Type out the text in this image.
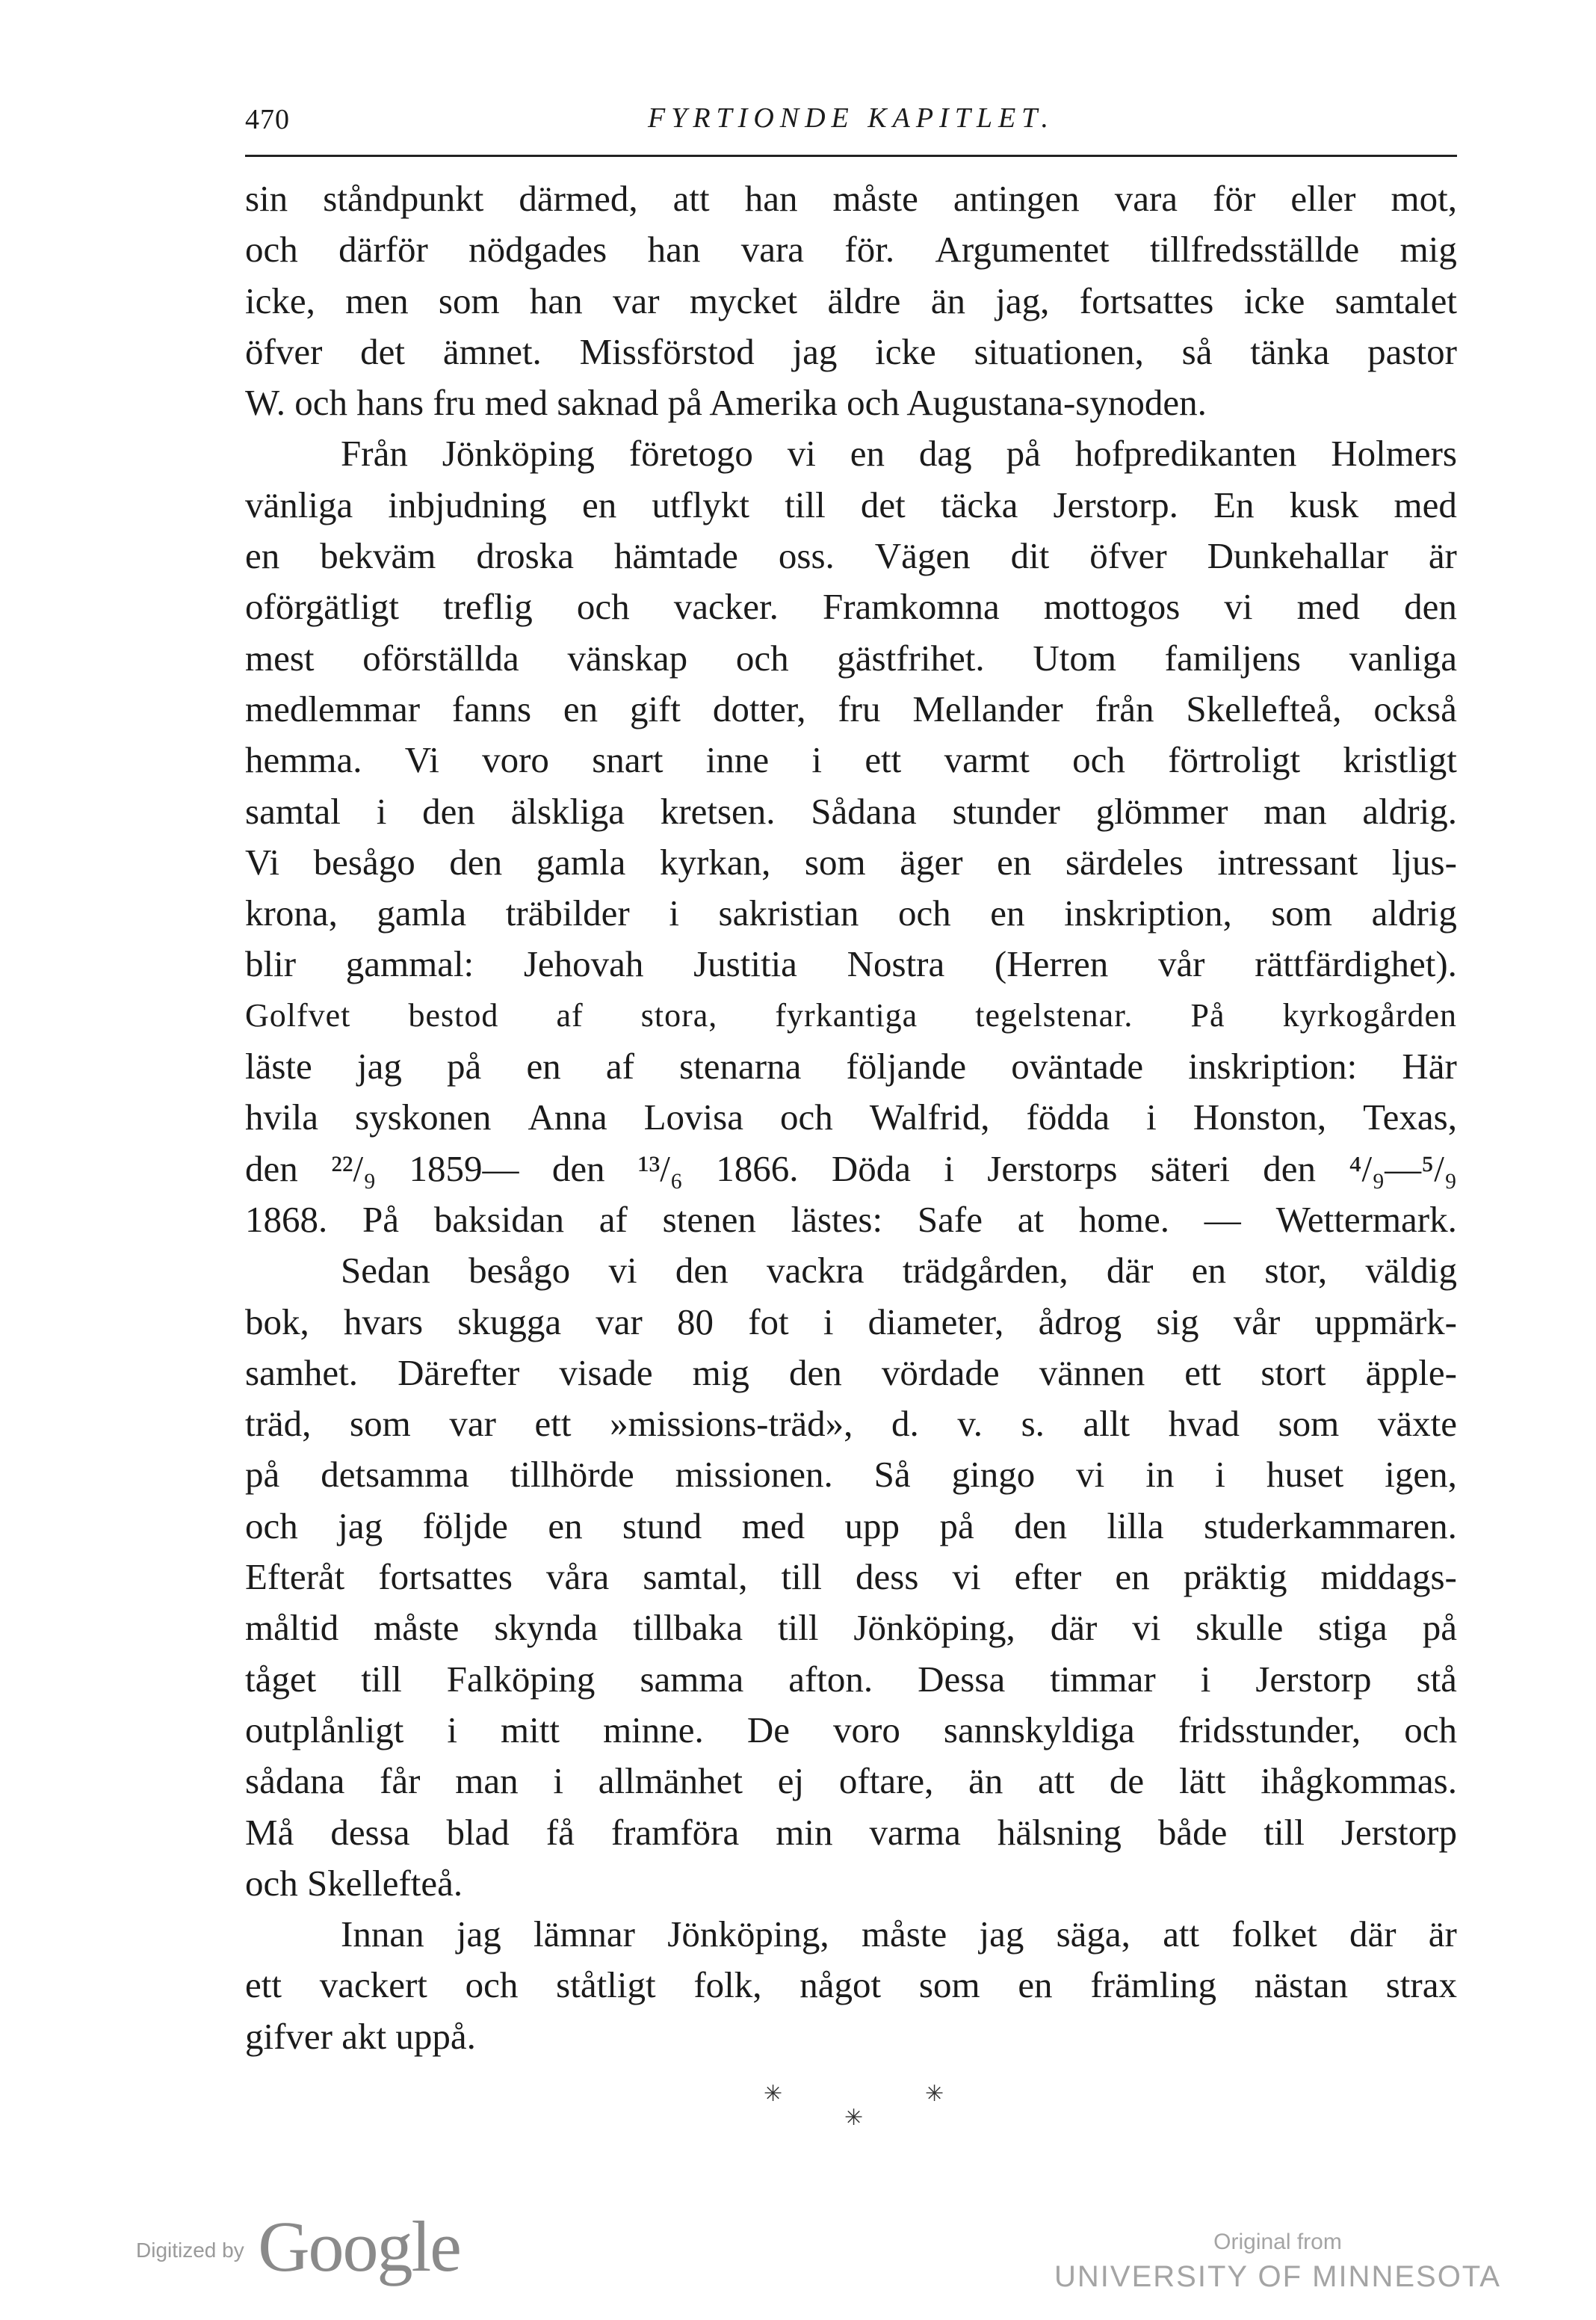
470	FYRTIONDE KAPITLET.
sin ståndpunkt därmed, att han måste antingen vara för eller mot,
och därför nödgades han vara för. Argumentet tillfredsställde mig
icke, men som han var mycket äldre än jag, fortsattes icke samtalet
öfver det ämnet. Missförstod jag icke situationen, så tänka pastor
W. och hans fru med saknad på Amerika och Augustana-synoden.
Från Jönköping företogo vi en dag på hofpredikanten Holmers
vänliga inbjudning en utflykt till det täcka Jerstorp. En kusk med
en bekväm droska hämtade oss. Vägen dit öfver Dunkehallar är
oförgätligt treflig och vacker. Framkomna mottogos vi med den
mest oförställda vänskap och gästfrihet. Utom familjens vanliga
medlemmar fanns en gift dotter, fru Mellander från Skellefteå, också
hemma. Vi voro snart inne i ett varmt och förtroligt kristligt
samtal i den älskliga kretsen. Sådana stunder glömmer man aldrig.
Vi besågo den gamla kyrkan, som äger en särdeles intressant ljus-
krona, gamla träbilder i sakristian och en inskription, som aldrig
blir gammal: Jehovah Justitia Nostra (Herren vår rättfärdighet).
Golfvet bestod af stora, fyrkantiga tegelstenar. På kyrkogården
läste jag på en af stenarna följande oväntade inskription: Här
hvila syskonen Anna Lovisa och Walfrid, födda i Honston, Texas,
den ²²/₉ 1859— den ¹³/₆ 1866. Döda i Jerstorps säteri den ⁴/₉—⁵/₉
1868. På baksidan af stenen lästes: Safe at home. — Wettermark.
Sedan besågo vi den vackra trädgården, där en stor, väldig
bok, hvars skugga var 80 fot i diameter, ådrog sig vår uppmärk-
samhet. Därefter visade mig den vördade vännen ett stort äpple-
träd, som var ett »missions-träd», d. v. s. allt hvad som växte
på detsamma tillhörde missionen. Så gingo vi in i huset igen,
och jag följde en stund med upp på den lilla studerkammaren.
Efteråt fortsattes våra samtal, till dess vi efter en präktig middags-
måltid måste skynda tillbaka till Jönköping, där vi skulle stiga på
tåget till Falköping samma afton. Dessa timmar i Jerstorp stå
outplånligt i mitt minne. De voro sannskyldiga fridsstunder, och
sådana får man i allmänhet ej oftare, än att de lätt ihågkommas.
Må dessa blad få framföra min varma hälsning både till Jerstorp
och Skellefteå.
Innan jag lämnar Jönköping, måste jag säga, att folket där är
ett vackert och ståtligt folk, något som en främling nästan strax
gifver akt uppå.
✳	✳
✳
Digitized by Google	Original from
UNIVERSITY OF MINNESOTA
